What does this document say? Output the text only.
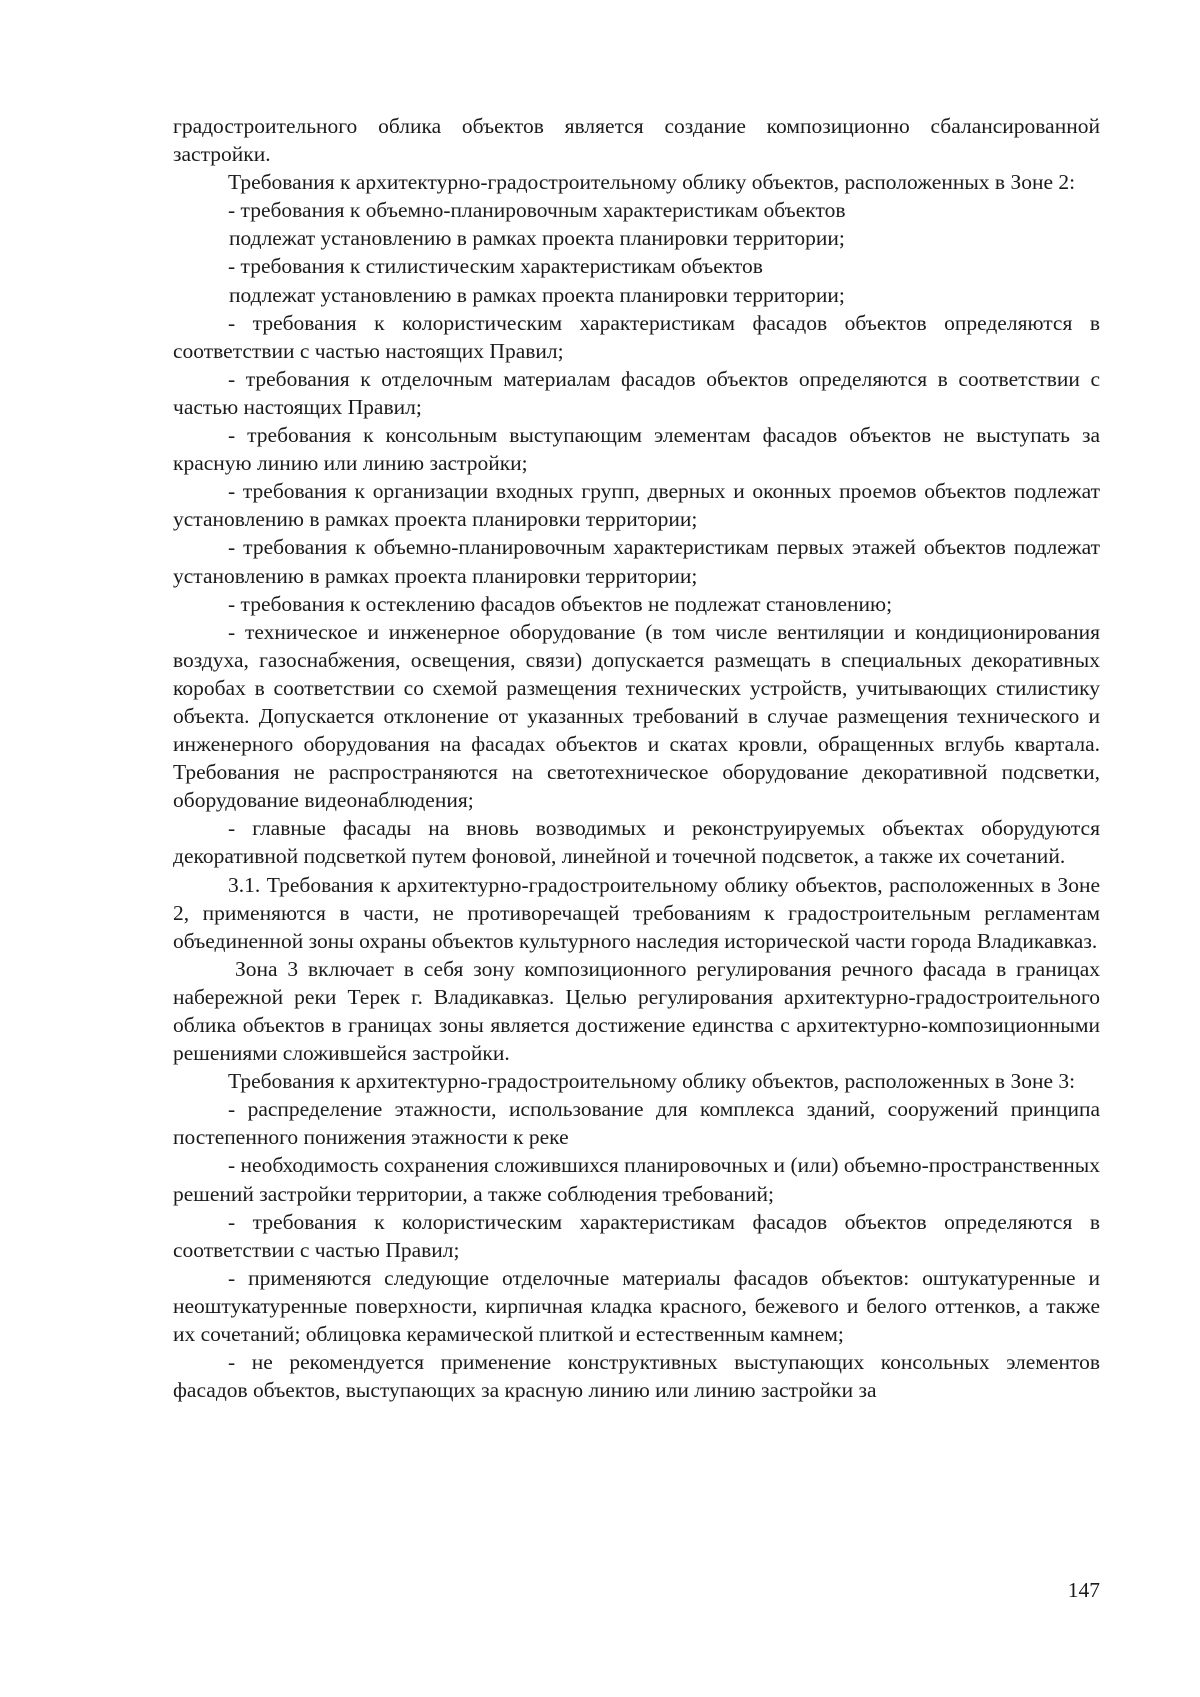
градостроительного облика объектов является создание композиционно сбалансированной застройки.

Требования к архитектурно-градостроительному облику объектов, расположенных в Зоне 2:

- требования к объемно-планировочным характеристикам объектов

подлежат установлению в рамках проекта планировки территории;

- требования к стилистическим характеристикам объектов

подлежат установлению в рамках проекта планировки территории;

- требования к колористическим характеристикам фасадов объектов определяются в соответствии с частью настоящих Правил;

- требования к отделочным материалам фасадов объектов определяются в соответствии с частью настоящих Правил;

- требования к консольным выступающим элементам фасадов объектов не выступать за красную линию или линию застройки;

- требования к организации входных групп, дверных и оконных проемов объектов подлежат установлению в рамках проекта планировки территории;

- требования к объемно-планировочным характеристикам первых этажей объектов подлежат установлению в рамках проекта планировки территории;

- требования к остеклению фасадов объектов не подлежат становлению;

- техническое и инженерное оборудование (в том числе вентиляции и кондиционирования воздуха, газоснабжения, освещения, связи) допускается размещать в специальных декоративных коробах в соответствии со схемой размещения технических устройств, учитывающих стилистику объекта. Допускается отклонение от указанных требований в случае размещения технического и инженерного оборудования на фасадах объектов и скатах кровли, обращенных вглубь квартала. Требования не распространяются на светотехническое оборудование декоративной подсветки, оборудование видеонаблюдения;

- главные фасады на вновь возводимых и реконструируемых объектах оборудуются декоративной подсветкой путем фоновой, линейной и точечной подсветок, а также их сочетаний.

3.1. Требования к архитектурно-градостроительному облику объектов, расположенных в Зоне 2, применяются в части, не противоречащей требованиям к градостроительным регламентам объединенной зоны охраны объектов культурного наследия исторической части города Владикавказ.

Зона 3 включает в себя зону композиционного регулирования речного фасада в границах набережной реки Терек г. Владикавказ. Целью регулирования архитектурно-градостроительного облика объектов в границах зоны является достижение единства с архитектурно-композиционными решениями сложившейся застройки.

Требования к архитектурно-градостроительному облику объектов, расположенных в Зоне 3:

- распределение этажности, использование для комплекса зданий, сооружений принципа постепенного понижения этажности к реке

- необходимость сохранения сложившихся планировочных и (или) объемно-пространственных решений застройки территории, а также соблюдения требований;

- требования к колористическим характеристикам фасадов объектов определяются в соответствии с частью Правил;

- применяются следующие отделочные материалы фасадов объектов: оштукатуренные и неоштукатуренные поверхности, кирпичная кладка красного, бежевого и белого оттенков, а также их сочетаний; облицовка керамической плиткой и естественным камнем;

- не рекомендуется применение конструктивных выступающих консольных элементов фасадов объектов, выступающих за красную линию или линию застройки за

147
